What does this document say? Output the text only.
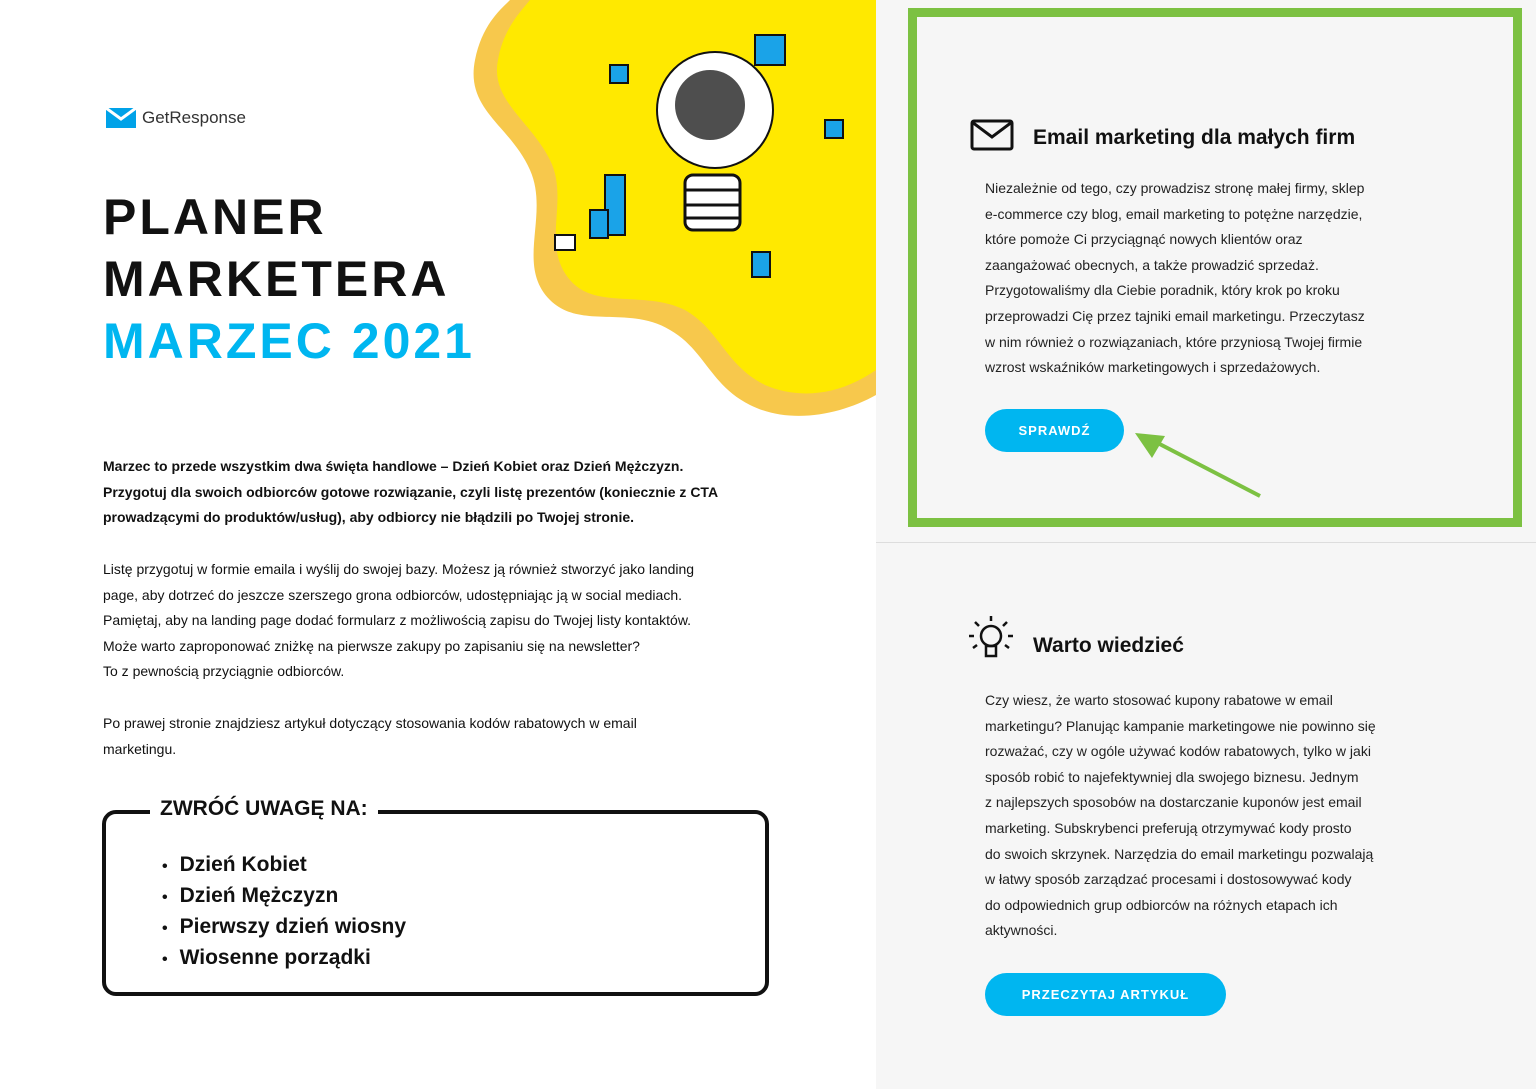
GetResponse
PLANER
MARKETERA
MARZEC 2021
Marzec to przede wszystkim dwa święta handlowe – Dzień Kobiet oraz Dzień Mężczyzn.
Przygotuj dla swoich odbiorców gotowe rozwiązanie, czyli listę prezentów (koniecznie z CTA
prowadzącymi do produktów/usług), aby odbiorcy nie błądzili po Twojej stronie.
Listę przygotuj w formie emaila i wyślij do swojej bazy. Możesz ją również stworzyć jako landing
page, aby dotrzeć do jeszcze szerszego grona odbiorców, udostępniając ją w social mediach.
Pamiętaj, aby na landing page dodać formularz z możliwością zapisu do Twojej listy kontaktów.
Może warto zaproponować zniżkę na pierwsze zakupy po zapisaniu się na newsletter?
To z pewnością przyciągnie odbiorców.
Po prawej stronie znajdziesz artykuł dotyczący stosowania kodów rabatowych w email
marketingu.
• Dzień Kobiet
• Dzień Mężczyzn
• Pierwszy dzień wiosny
• Wiosenne porządki
ZWRÓĆ UWAGĘ NA:
Email marketing dla małych firm
Niezależnie od tego, czy prowadzisz stronę małej firmy, sklep
e-commerce czy blog, email marketing to potężne narzędzie,
które pomoże Ci przyciągnąć nowych klientów oraz
zaangażować obecnych, a także prowadzić sprzedaż.
Przygotowaliśmy dla Ciebie poradnik, który krok po kroku
przeprowadzi Cię przez tajniki email marketingu. Przeczytasz
w nim również o rozwiązaniach, które przyniosą Twojej firmie
wzrost wskaźników marketingowych i sprzedażowych.
SPRAWDŹ
Warto wiedzieć
Czy wiesz, że warto stosować kupony rabatowe w email
marketingu? Planując kampanie marketingowe nie powinno się
rozważać, czy w ogóle używać kodów rabatowych, tylko w jaki
sposób robić to najefektywniej dla swojego biznesu. Jednym
z najlepszych sposobów na dostarczanie kuponów jest email
marketing. Subskrybenci preferują otrzymywać kody prosto
do swoich skrzynek. Narzędzia do email marketingu pozwalają
w łatwy sposób zarządzać procesami i dostosowywać kody
do odpowiednich grup odbiorców na różnych etapach ich
aktywności.
PRZECZYTAJ ARTYKUŁ
